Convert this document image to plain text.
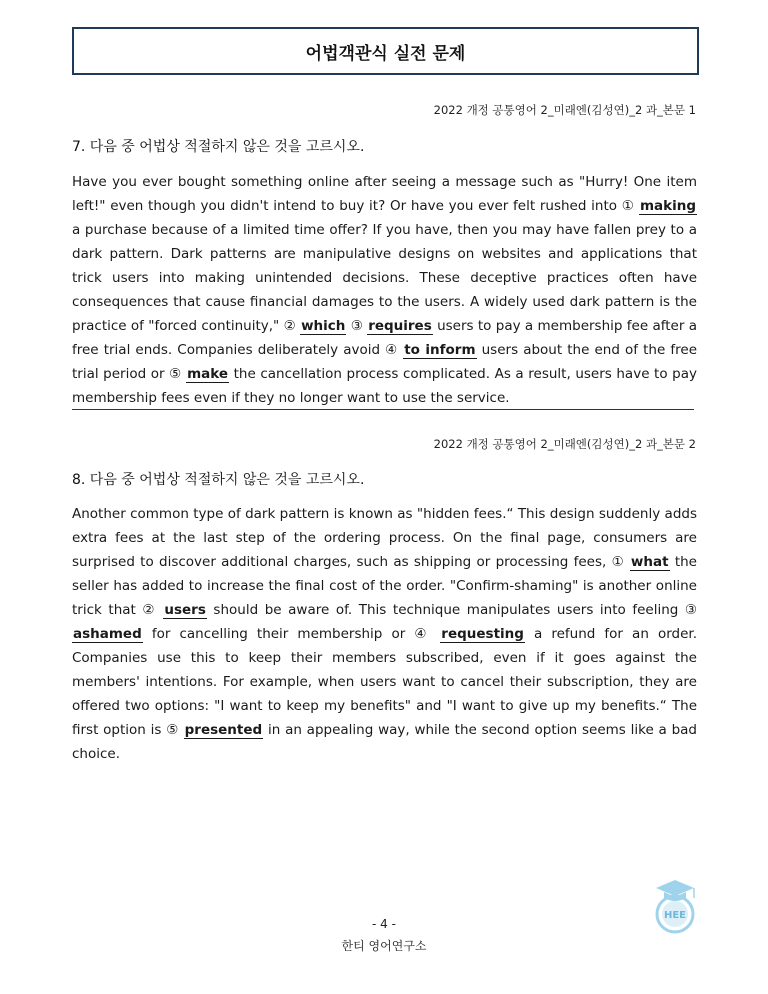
어법객관식 실전 문제
2022 개정 공통영어 2_미래엔(김성연)_2 과_본문 1
7. 다음 중 어법상 적절하지 않은 것을 고르시오.
Have you ever bought something online after seeing a message such as "Hurry! One item left!" even though you didn't intend to buy it? Or have you ever felt rushed into ① making a purchase because of a limited time offer? If you have, then you may have fallen prey to a dark pattern. Dark patterns are manipulative designs on websites and applications that trick users into making unintended decisions. These deceptive practices often have consequences that cause financial damages to the users. A widely used dark pattern is the practice of "forced continuity," ② which ③ requires users to pay a membership fee after a free trial ends. Companies deliberately avoid ④ to inform users about the end of the free trial period or ⑤ make the cancellation process complicated. As a result, users have to pay membership fees even if they no longer want to use the service.
2022 개정 공통영어 2_미래엔(김성연)_2 과_본문 2
8. 다음 중 어법상 적절하지 않은 것을 고르시오.
Another common type of dark pattern is known as "hidden fees.“ This design suddenly adds extra fees at the last step of the ordering process. On the final page, consumers are surprised to discover additional charges, such as shipping or processing fees, ① what the seller has added to increase the final cost of the order. "Confirm-shaming" is another online trick that ② users should be aware of. This technique manipulates users into feeling ③ ashamed for cancelling their membership or ④ requesting a refund for an order. Companies use this to keep their members subscribed, even if it goes against the members' intentions. For example, when users want to cancel their subscription, they are offered two options: "I want to keep my benefits" and "I want to give up my benefits.“ The first option is ⑤ presented in an appealing way, while the second option seems like a bad choice.
HEE
- 4 -
한티 영어연구소
